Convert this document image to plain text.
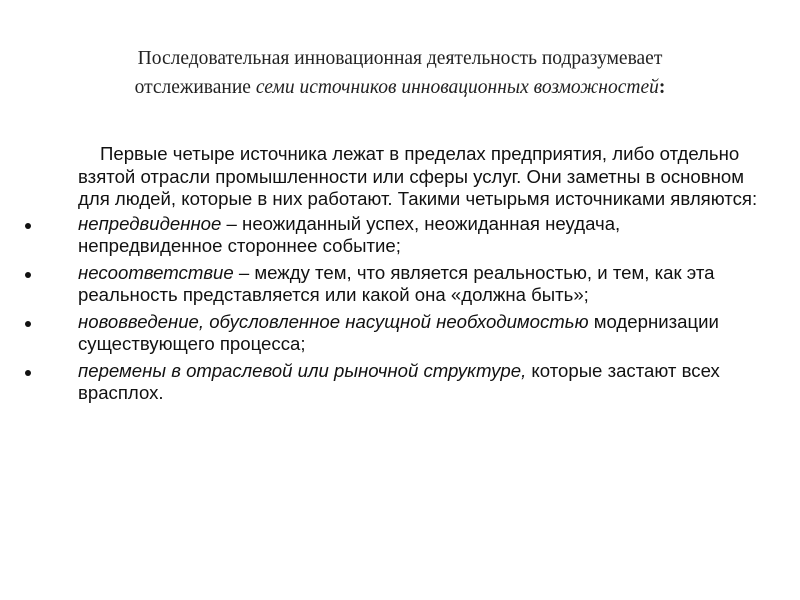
Последовательная инновационная деятельность подразумевает
отслеживание семи источников инновационных возможностей:

Первые четыре источника лежат в пределах предприятия, либо отдельно взятой отрасли промышленности или сферы услуг. Они заметны в основном для людей, которые в них работают. Такими четырьмя источниками являются:

непредвиденное – неожиданный успех, неожиданная неудача, непредвиденное стороннее событие;
несоответствие – между тем, что является реальностью, и тем, как эта реальность представляется или какой она «должна быть»;
нововведение, обусловленное насущной необходимостью модернизации существующего процесса;
перемены в отраслевой или рыночной структуре, которые застают всех врасплох.
